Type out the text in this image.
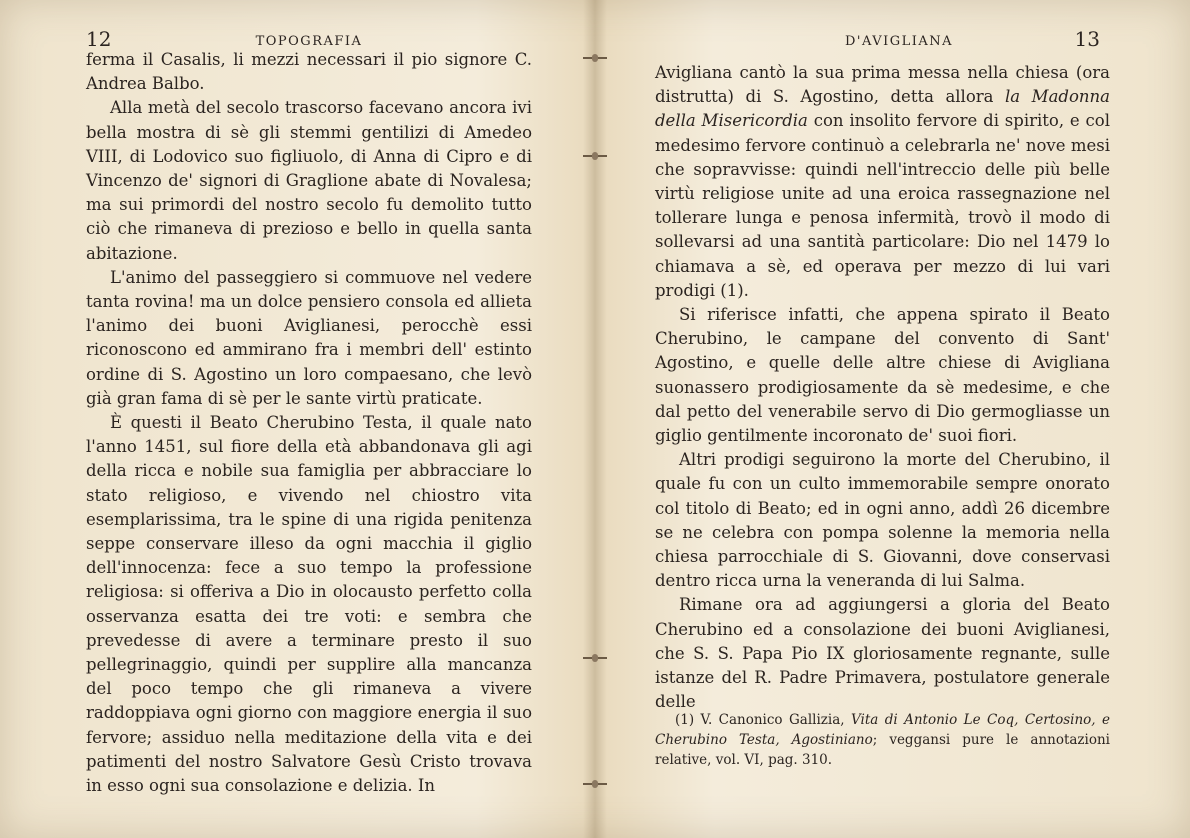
12	TOPOGRAFIA

ferma il Casalis, li mezzi necessari il pio signore C. Andrea Balbo.

Alla metà del secolo trascorso facevano ancora ivi bella mostra di sè gli stemmi gentilizi di Amedeo VIII, di Lodovico suo figliuolo, di Anna di Cipro e di Vincenzo de' signori di Graglione abate di Novalesa; ma sui primordi del nostro secolo fu demolito tutto ciò che rimaneva di prezioso e bello in quella santa abitazione.

L'animo del passeggiero si commuove nel vedere tanta rovina! ma un dolce pensiero consola ed allieta l'animo dei buoni Aviglianesi, perocchè essi riconoscono ed ammirano fra i membri dell' estinto ordine di S. Agostino un loro compaesano, che levò già gran fama di sè per le sante virtù praticate.

È questi il Beato Cherubino Testa, il quale nato l'anno 1451, sul fiore della età abbandonava gli agi della ricca e nobile sua famiglia per abbracciare lo stato religioso, e vivendo nel chiostro vita esemplarissima, tra le spine di una rigida penitenza seppe conservare illeso da ogni macchia il giglio dell'innocenza: fece a suo tempo la professione religiosa: si offeriva a Dio in olocausto perfetto colla osservanza esatta dei tre voti: e sembra che prevedesse di avere a terminare presto il suo pellegrinaggio, quindi per supplire alla mancanza del poco tempo che gli rimaneva a vivere raddoppiava ogni giorno con maggiore energia il suo fervore; assiduo nella meditazione della vita e dei patimenti del nostro Salvatore Gesù Cristo trovava in esso ogni sua consolazione e delizia. In

D'AVIGLIANA	13

Avigliana cantò la sua prima messa nella chiesa (ora distrutta) di S. Agostino, detta allora la Madonna della Misericordia con insolito fervore di spirito, e col medesimo fervore continuò a celebrarla ne' nove mesi che sopravvisse: quindi nell'intreccio delle più belle virtù religiose unite ad una eroica rassegnazione nel tollerare lunga e penosa infermità, trovò il modo di sollevarsi ad una santità particolare: Dio nel 1479 lo chiamava a sè, ed operava per mezzo di lui vari prodigi (1).

Si riferisce infatti, che appena spirato il Beato Cherubino, le campane del convento di Sant' Agostino, e quelle delle altre chiese di Avigliana suonassero prodigiosamente da sè medesime, e che dal petto del venerabile servo di Dio germogliasse un giglio gentilmente incoronato de' suoi fiori.

Altri prodigi seguirono la morte del Cherubino, il quale fu con un culto immemorabile sempre onorato col titolo di Beato; ed in ogni anno, addì 26 dicembre se ne celebra con pompa solenne la memoria nella chiesa parrocchiale di S. Giovanni, dove conservasi dentro ricca urna la veneranda di lui Salma.

Rimane ora ad aggiungersi a gloria del Beato Cherubino ed a consolazione dei buoni Aviglianesi, che S. S. Papa Pio IX gloriosamente regnante, sulle istanze del R. Padre Primavera, postulatore generale delle

(1) V. Canonico Gallizia, Vita di Antonio Le Coq, Certosino, e Cherubino Testa, Agostiniano; veggansi pure le annotazioni relative, vol. VI, pag. 310.
